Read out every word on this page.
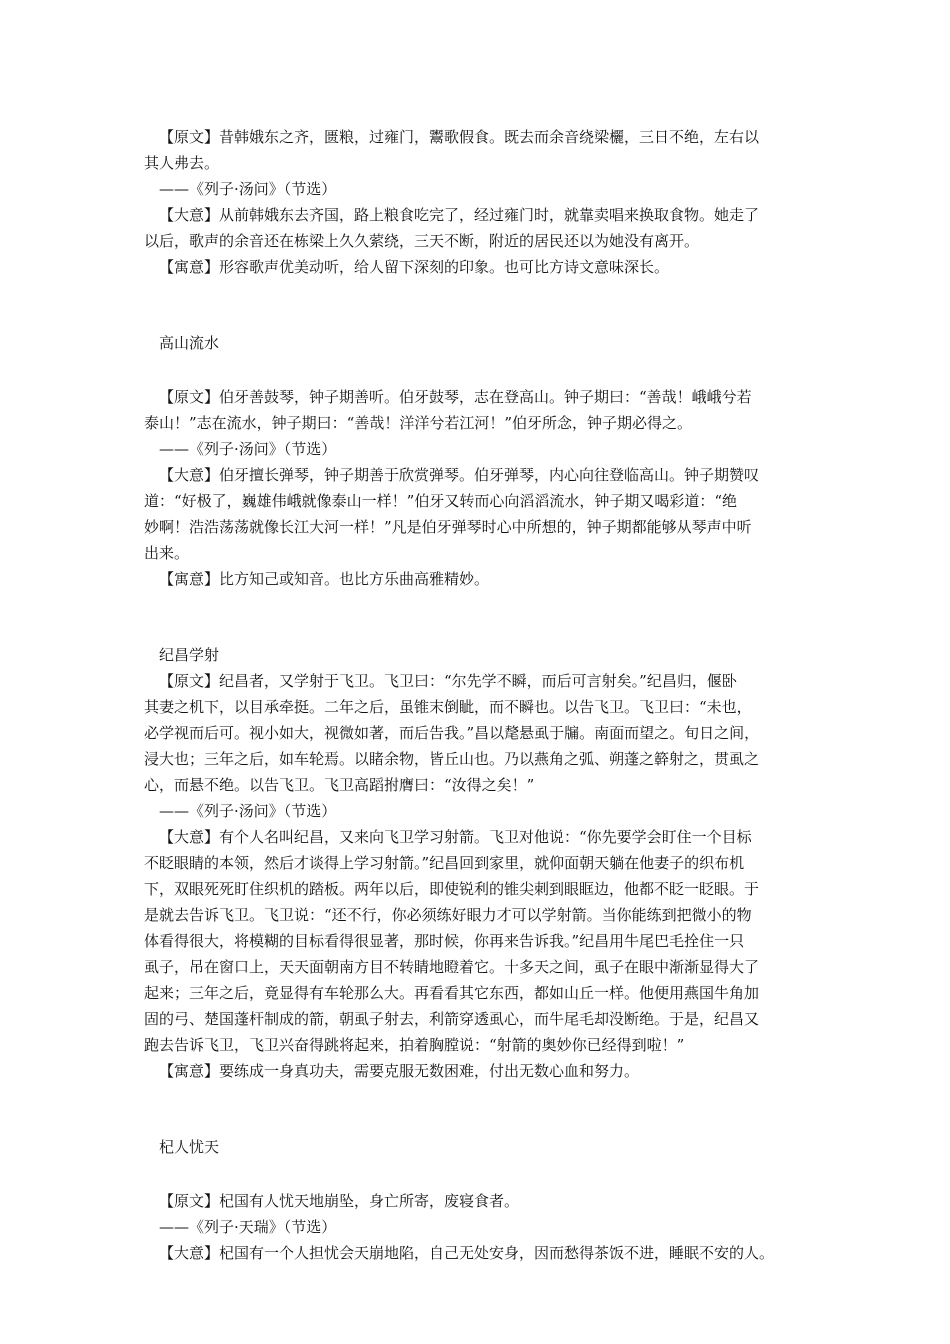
【原文】昔韩娥东之齐，匮粮，过雍门，鬻歌假食。既去而余音绕梁欐，三日不绝，左右以
其人弗去。
——《列子·汤问》（节选）
【大意】从前韩娥东去齐国，路上粮食吃完了，经过雍门时，就靠卖唱来换取食物。她走了
以后，歌声的余音还在栋梁上久久萦绕，三天不断，附近的居民还以为她没有离开。
【寓意】形容歌声优美动听，给人留下深刻的印象。也可比方诗文意味深长。
高山流水
【原文】伯牙善鼓琴，钟子期善听。伯牙鼓琴，志在登高山。钟子期曰：“善哉！峨峨兮若
泰山！”志在流水，钟子期曰：“善哉！洋洋兮若江河！”伯牙所念，钟子期必得之。
——《列子·汤问》（节选）
【大意】伯牙擅长弹琴，钟子期善于欣赏弹琴。伯牙弹琴，内心向往登临高山。钟子期赞叹
道：“好极了，巍雄伟峨就像泰山一样！”伯牙又转而心向滔滔流水，钟子期又喝彩道：“绝
妙啊！浩浩荡荡就像长江大河一样！”凡是伯牙弹琴时心中所想的，钟子期都能够从琴声中听
出来。
【寓意】比方知己或知音。也比方乐曲高雅精妙。
纪昌学射
【原文】纪昌者，又学射于飞卫。飞卫曰：“尔先学不瞬，而后可言射矣。”纪昌归，偃卧
其妻之机下，以目承牵挺。二年之后，虽锥末倒眦，而不瞬也。以告飞卫。飞卫曰：“未也，
必学视而后可。视小如大，视微如著，而后告我。”昌以氂悬虱于牖。南面而望之。旬日之间，
浸大也；三年之后，如车轮焉。以睹余物，皆丘山也。乃以燕角之弧、朔蓬之簳射之，贯虱之
心，而悬不绝。以告飞卫。飞卫高蹈拊膺曰：“汝得之矣！”
——《列子·汤问》（节选）
【大意】有个人名叫纪昌，又来向飞卫学习射箭。飞卫对他说：“你先要学会盯住一个目标
不眨眼睛的本领，然后才谈得上学习射箭。”纪昌回到家里，就仰面朝天躺在他妻子的织布机
下，双眼死死盯住织机的踏板。两年以后，即使锐利的锥尖刺到眼眶边，他都不眨一眨眼。于
是就去告诉飞卫。飞卫说：“还不行，你必须练好眼力才可以学射箭。当你能练到把微小的物
体看得很大，将模糊的目标看得很显著，那时候，你再来告诉我。”纪昌用牛尾巴毛拴住一只
虱子，吊在窗口上，天天面朝南方目不转睛地瞪着它。十多天之间，虱子在眼中渐渐显得大了
起来；三年之后，竟显得有车轮那么大。再看看其它东西，都如山丘一样。他便用燕国牛角加
固的弓、楚国蓬杆制成的箭，朝虱子射去，利箭穿透虱心，而牛尾毛却没断绝。于是，纪昌又
跑去告诉飞卫，飞卫兴奋得跳将起来，拍着胸膛说：“射箭的奥妙你已经得到啦！”
【寓意】要练成一身真功夫，需要克服无数困难，付出无数心血和努力。
杞人忧天
【原文】杞国有人忧天地崩坠，身亡所寄，废寝食者。
——《列子·天瑞》（节选）
【大意】杞国有一个人担忧会天崩地陷，自己无处安身，因而愁得茶饭不进，睡眠不安的人。
